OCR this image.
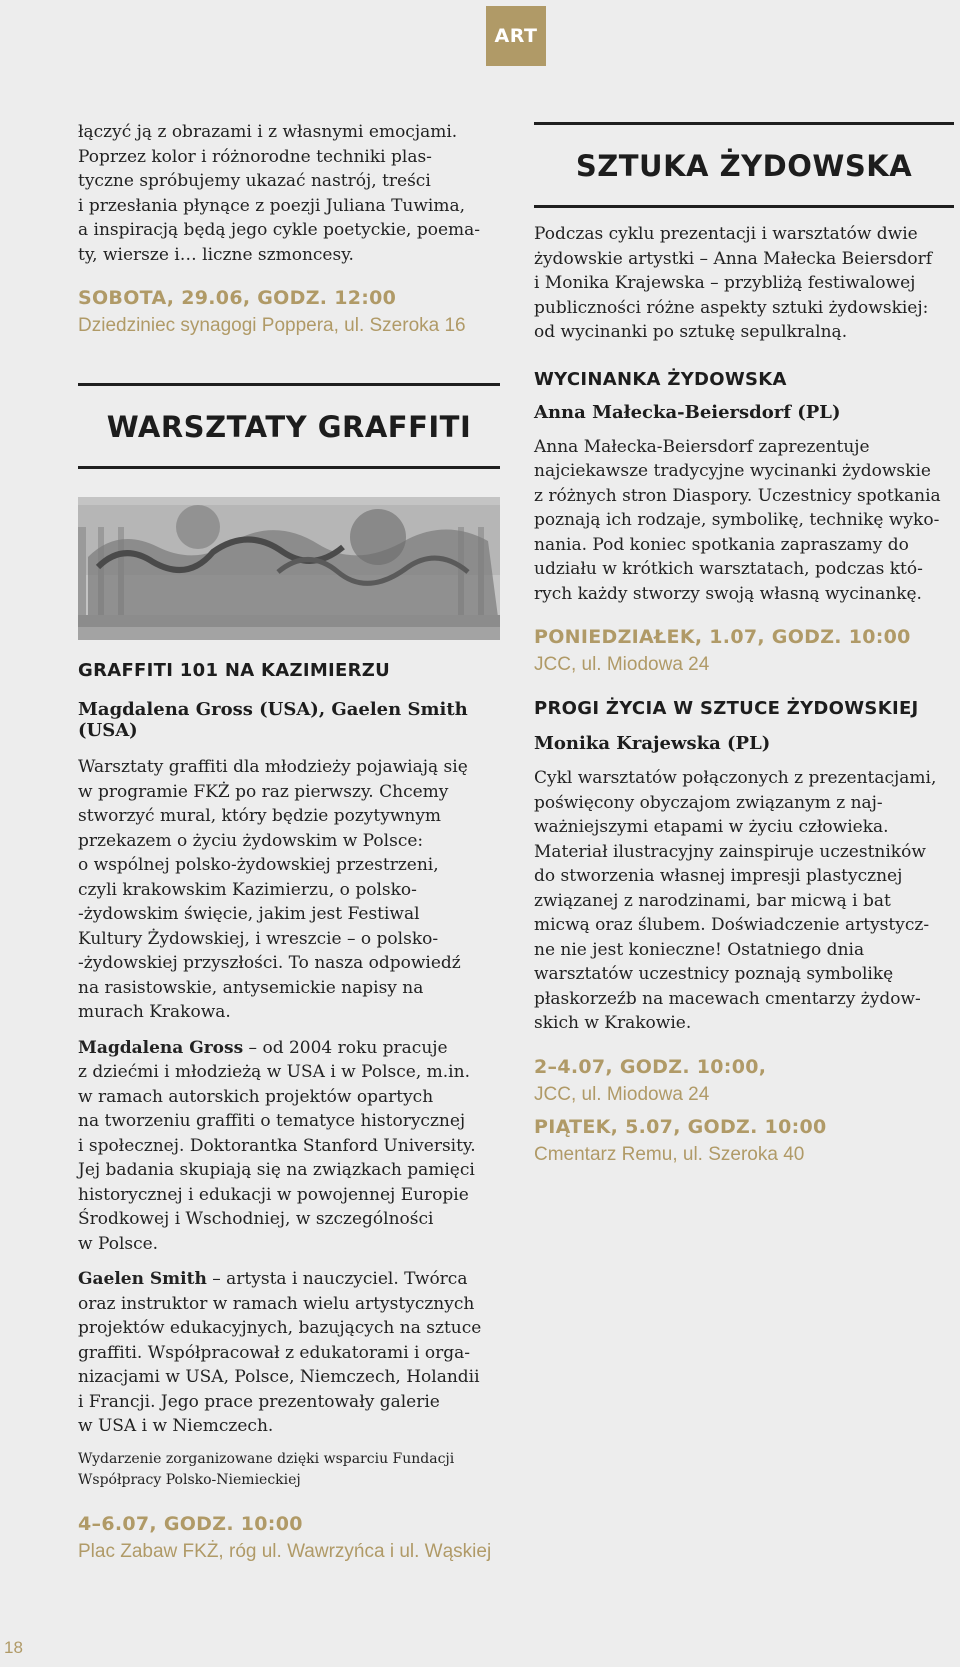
ART

łączyć ją z obrazami i z własnymi emocjami.

Poprzez kolor i różnorodne techniki plas-

tyczne spróbujemy ukazać nastrój, treści

i przesłania płynące z poezji Juliana Tuwima,

a inspiracją będą jego cykle poetyckie, poema-

ty, wiersze i… liczne szmoncesy.

SOBOTA, 29.06, GODZ. 12:00

Dziedziniec synagogi Poppera, ul. Szeroka 16

WARSZTATY GRAFFITI

GRAFFITI 101 NA KAZIMIERZU

Magdalena Gross (USA), Gaelen Smith (USA)

Warsztaty graffiti dla młodzieży pojawiają się

w programie FKŻ po raz pierwszy. Chcemy

stworzyć mural, który będzie pozytywnym

przekazem o życiu żydowskim w Polsce:

o wspólnej polsko-żydowskiej przestrzeni,

czyli krakowskim Kazimierzu, o polsko-

-żydowskim święcie, jakim jest Festiwal

Kultury Żydowskiej, i wreszcie – o polsko-

-żydowskiej przyszłości. To nasza odpowiedź

na rasistowskie, antysemickie napisy na

murach Krakowa.

Magdalena Gross – od 2004 roku pracuje

z dziećmi i młodzieżą w USA i w Polsce, m.in.

w ramach autorskich projektów opartych

na tworzeniu graffiti o tematyce historycznej

i społecznej. Doktorantka Stanford University.

Jej badania skupiają się na związkach pamięci

historycznej i edukacji w powojennej Europie

Środkowej i Wschodniej, w szczególności

w Polsce.

Gaelen Smith – artysta i nauczyciel. Twórca

oraz instruktor w ramach wielu artystycznych

projektów edukacyjnych, bazujących na sztuce

graffiti. Współpracował z edukatorami i orga-

nizacjami w USA, Polsce, Niemczech, Holandii

i Francji. Jego prace prezentowały galerie

w USA i w Niemczech.

Wydarzenie zorganizowane dzięki wsparciu Fundacji

Współpracy Polsko-Niemieckiej

4–6.07, GODZ. 10:00

Plac Zabaw FKŻ, róg ul. Wawrzyńca i ul. Wąskiej

SZTUKA ŻYDOWSKA

Podczas cyklu prezentacji i warsztatów dwie

żydowskie artystki – Anna Małecka Beiersdorf

i Monika Krajewska – przybliżą festiwalowej

publiczności różne aspekty sztuki żydowskiej:

od wycinanki po sztukę sepulkralną.

WYCINANKA ŻYDOWSKA

Anna Małecka-Beiersdorf (PL)

Anna Małecka-Beiersdorf zaprezentuje

najciekawsze tradycyjne wycinanki żydowskie

z różnych stron Diaspory. Uczestnicy spotkania

poznają ich rodzaje, symbolikę, technikę wyko-

nania. Pod koniec spotkania zapraszamy do

udziału w krótkich warsztatach, podczas któ-

rych każdy stworzy swoją własną wycinankę.

PONIEDZIAŁEK, 1.07, GODZ. 10:00

JCC, ul. Miodowa 24

PROGI ŻYCIA W SZTUCE ŻYDOWSKIEJ

Monika Krajewska (PL)

Cykl warsztatów połączonych z prezentacjami,

poświęcony obyczajom związanym z naj-

ważniejszymi etapami w życiu człowieka.

Materiał ilustracyjny zainspiruje uczestników

do stworzenia własnej impresji plastycznej

związanej z narodzinami, bar micwą i bat

micwą oraz ślubem. Doświadczenie artystycz-

ne nie jest konieczne! Ostatniego dnia

warsztatów uczestnicy poznają symbolikę

płaskorzeźb na macewach cmentarzy żydow-

skich w Krakowie.

2–4.07, GODZ. 10:00,

JCC, ul. Miodowa 24

PIĄTEK, 5.07, GODZ. 10:00

Cmentarz Remu, ul. Szeroka 40

18
